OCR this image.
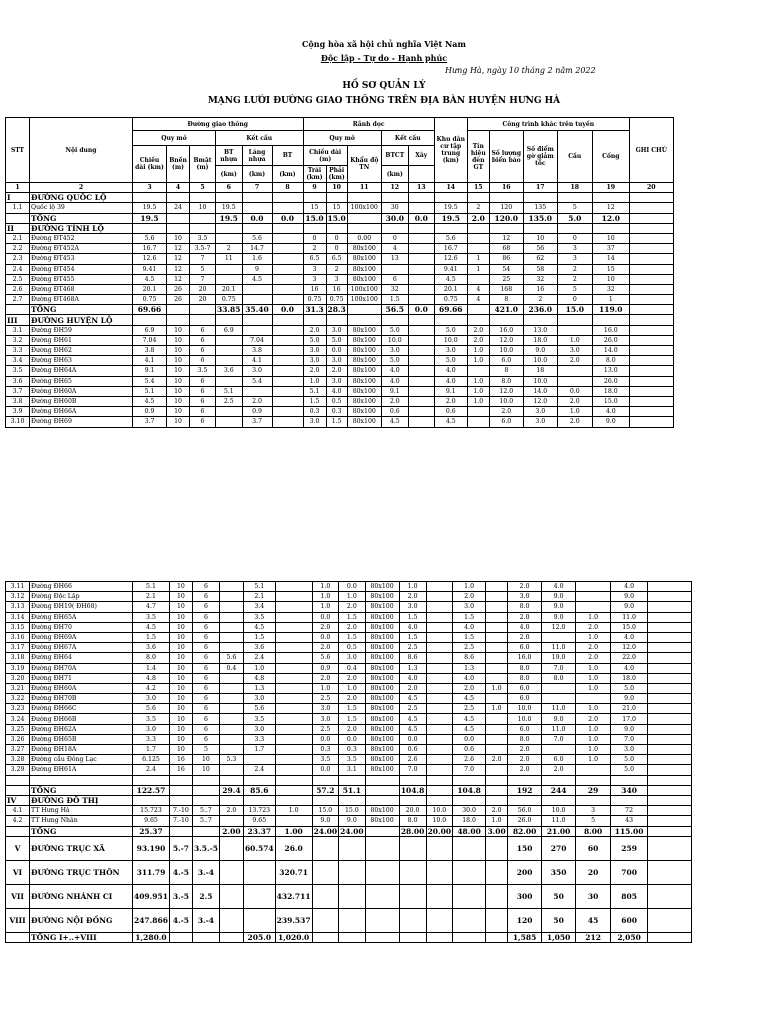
Cộng hòa xã hội chủ nghĩa Việt Nam
Độc lập - Tự do - Hạnh phúc
Hưng Hà, ngày 10 tháng 2 năm 2022
HỒ SƠ QUẢN LÝ
MẠNG LƯỚI ĐƯỜNG GIAO THÔNG TRÊN ĐỊA BÀN HUYỆN HƯNG HÀ
STT	Nội dung	Đường giao thông						Rãnh dọc					Khu dân cư tập trung (km)	Công trình khác trên tuyến					GHI CHÚ
		Quy mô			Kết cấu			Quy mô			Kết cấu			Tín hiệu đèn GT	Số lượng biển báo	Số điểm gờ giảm tốc	Cầu	Cống	
		Chiều dài (km)	Bnền (m)	Bmặt (m)	BT nhựa	Láng nhựa	BT	Chiều dài (m)		Khẩu độ TN	BTCT	Xây							
					(km)	(km)	(km)	Trái (km)	Phải (km)		(km)								
1	2	3	4	5	6	7	8	9	10	11	12	13	14	15	16	17	18	19	20
I	ĐƯỜNG QUỐC LỘ																		
1.1	Quốc lộ 39	19.5	24	10	19.5			15	15	100x100	30		19.5	2	120	135	5	12	
	TỔNG	19.5			19.5	0.0	0.0	15.0	15.0		30.0	0.0	19.5	2.0	120.0	135.0	5.0	12.0	
II	ĐƯỜNG TỈNH LỘ																		
2.1	Đường ĐT452	5.6	10	3.5		5.6		0	0	0.00	0		5.6		12	10	0	10	
2.2	Đường ĐT452A	16.7	12	3.5-7	2	14.7		2	0	80x100	4		16.7		68	56	3	37	
2.3	Đường ĐT453	12.6	12	7	11	1.6		6.5	6.5	80x100	13		12.6	1	86	62	3	14	
2.4	Đường ĐT454	9.41	12	5		9		3	2	80x100			9.41	1	54	58	2	15	
2.5	Đường ĐT455	4.5	12	7		4.5		3	3	80x100	6		4.5		25	32	2	10	
2.6	Đường ĐT468	20.1	26	20	20.1			16	16	100x100	32		20.1	4	168	16	5	32	
2.7	Đường ĐT468A	0.75	26	20	0.75			0.75	0.75	100x100	1.5		0.75	4	8	2	0	1	
	TỔNG	69.66			33.85	35.40	0.0	31.3	28.3		56.5	0.0	69.66		421.0	236.0	15.0	119.0	
III	ĐƯỜNG HUYỆN LỘ																		
3.1	Đường ĐH59	6.9	10	6	6.9			2.0	3.0	80x100	5.0		5.0	2.0	16.0	13.0		16.0	
3.2	Đường ĐH61	7.04	10	6		7.04		5.0	5.0	80x100	10.0		10.0	2.0	12.0	18.0	1.0	26.0	
3.3	Đường ĐH62	3.8	10	6		3.8		3.0	0.0	80x100	3.0		3.0	1.0	10.0	9.0	3.0	14.0	
3.4	Đường ĐH63	4.1	10	6		4.1		3.0	3.0	80x100	5.0		5.0	1.0	6.0	10.0	2.0	8.0	
3.5	Đường ĐH64A	9.1	10	3.5	3.6	3.0		2.0	2.0	80x100	4.0		4.0		8	18		13.0	
3.6	Đường ĐH65	5.4	10	6		5.4		1.0	3.0	80x100	4.0		4.0	1.0	8.0	10.0		26.0	
3.7	Đường ĐH60A	5.1	10	6	5.1			5.1	4.0	80x100	9.1		9.1	1.0	12.0	14.0	0.0	18.0	
3.8	Đường ĐH60B	4.5	10	6	2.5	2.0		1.5	0.5	80x100	2.0		2.0	1.0	10.0	12.0	2.0	15.0	
3.9	Đường ĐH66A	0.9	10	6		0.9		0.3	0.3	80x100	0.6		0.6		2.0	3.0	1.0	4.0	
3.10	Đường ĐH69	3.7	10	6		3.7		3.0	1.5	80x100	4.5		4.5		6.0	3.0	2.0	9.0	
3.11	Đường ĐH66	5.1	10	6		5.1		1.0	0.0	80x100	1.0		1.0		2.0	4.0		4.0	
3.12	Đường Độc Lập	2.1	10	6		2.1		1.0	1.0	80x100	2.0		2.0		3.0	9.0		9.0	
3.13	Đường ĐH19( ĐH68)	4.7	10	6		3.4		1.0	2.0	80x100	3.0		3.0		8.0	9.0		9.0	
3.14	Đường ĐH65A	3.5	10	6		3.5		0.0	1.5	80x100	1.5		1.5		2.0	9.0	1.0	11.0	
3.15	Đường ĐH70	4.5	10	6		4.5		2.0	2.0	80x100	4.0		4.0		4.0	12.0	2.0	15.0	
3.16	Đường ĐH69A	1.5	10	6		1.5		0.0	1.5	80x100	1.5		1.5		2.0		1.0	4.0	
3.17	Đường ĐH67A	3.6	10	6		3.6		2.0	0.5	80x100	2.5		2.5		6.0	11.0	2.0	12.0	
3.18	Đường ĐH64	8.0	10	6	5.6	2.4		5.6	3.0	80x100	8.6		8.6		16.0	19.0	2.0	22.0	
3.19	Đường ĐH70A	1.4	10	6	0.4	1.0		0.9	0.4	80x100	1.3		1.3		8.0	7.0	1.0	4.0	
3.20	Đường ĐH71	4.8	10	6		4.8		2.0	2.0	80x100	4.0		4.0		8.0	8.0	1.0	18.0	
3.21	Đường ĐH60A	4.2	10	6		1.3		1.0	1.0	80x100	2.0		2.0	1.0	6.0		1.0	5.0	
3.22	Đường ĐH70B	3.0	10	6		3.0		2.5	2.0	80x100	4.5		4.5		6.0			9.0	
3.23	Đường ĐH66C	5.6	10	6		5.6		3.0	1.5	80x100	2.5		2.5	1.0	10.0	11.0	1.0	21.0	
3.24	Đường ĐH66B	3.5	10	6		3.5		3.0	1.5	80x100	4.5		4.5		10.0	9.0	2.0	17.0	
3.25	Đường ĐH62A	3.0	10	6		3.0		2.5	2.0	80x100	4.5		4.5		6.0	11.0	1.0	9.0	
3.26	Đường ĐH65B	3.3	10	6		3.3		0.0	0.0	80x100	0.0		0.0		8.0	7.0	1.0	7.0	
3.27	Đường ĐH18A	1.7	10	5		1.7		0.3	0.3	80x100	0.6		0.6		2.0		1.0	3.0	
3.28	Đường cầu Đông Lạc	6.125	16	10	5.3			3.5	3.5	80x100	2.6		2.6	2.0	2.0	6.0	1.0	5.0	
3.29	Đường ĐH61A	2.4	16	10		2.4		0.0	3.1	80x100	7.0		7.0		2.0	2.0		5.0	

	TỔNG	122.57			29.4	85.6		57.2	51.1		104.8		104.8		192	244	29	340	
IV	ĐƯỜNG ĐÔ THỊ																		
4.1	TT Hưng Hà	15.723	7.-10	5..7	2.0	13.723	1.0	15.0	15.0	80x100	20.0	10.0	30.0	2.0	56.0	10.0	3	72	
4.2	TT Hưng Nhân	9.65	7.-10	5..7		9.65		9.0	9.0	80x100	8.0	10.0	18.0	1.0	26.0	11.0	5	43	
	TỔNG	25.37			2.00	23.37	1.00	24.00	24.00		28.00	20.00	48.00	3.00	82.00	21.00	8.00	115.00	
V	ĐƯỜNG TRỤC XÃ	93.190	5.-7	3.5.-5		60.574	26.0								150	270	60	259	
VI	ĐƯỜNG TRỤC THÔN	311.79	4.-5	3.-4			320.71								200	350	20	700	
VII	ĐƯỜNG NHÁNH CI	409.951	3.-5	2.5			432.711								300	50	30	805	
VIII	ĐƯỜNG NỘI ĐỒNG	247.866	4.-5	3.-4			239.537								120	50	45	600	
	TỔNG I+..+VIII	1,280.0				205.0	1,020.0								1,585	1,050	212	2,050	
